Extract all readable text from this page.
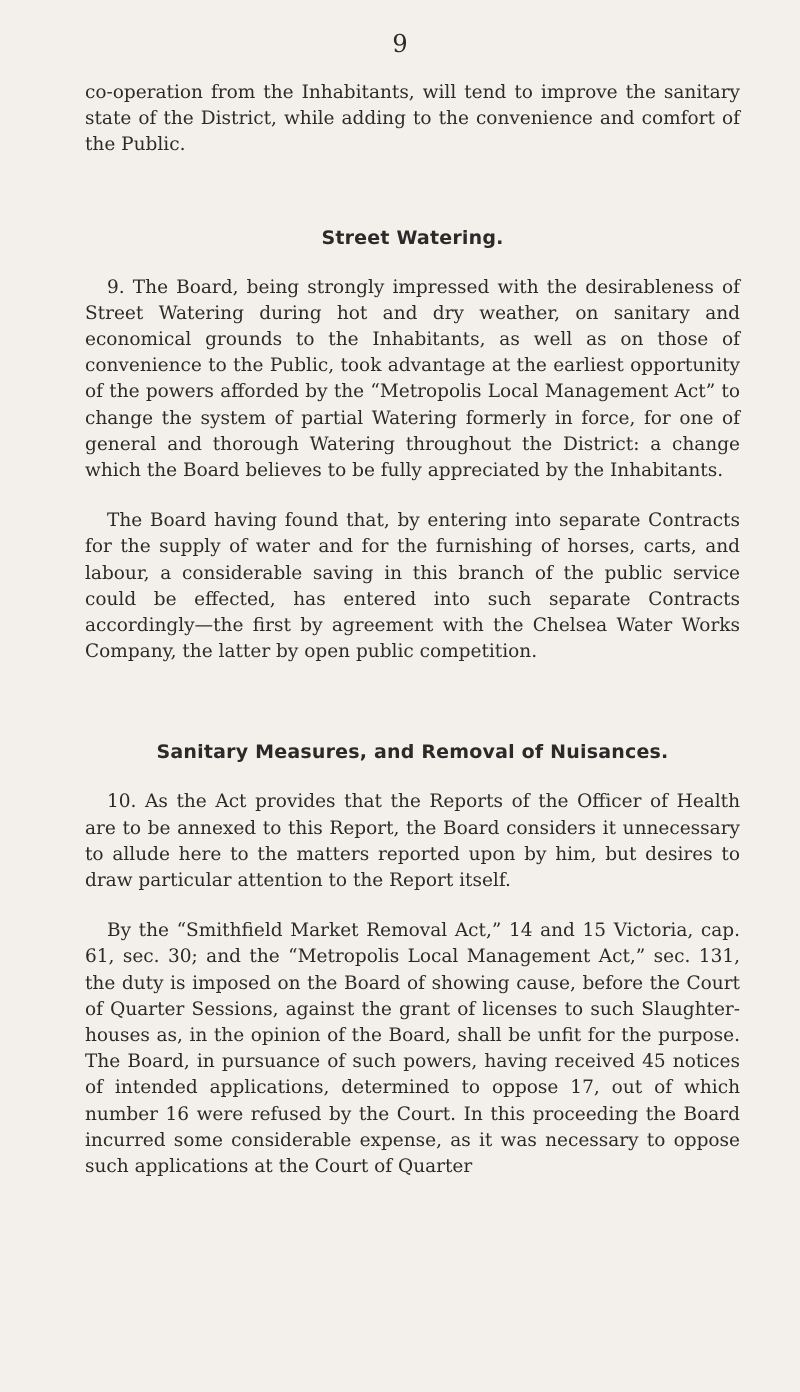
9

co-operation from the Inhabitants, will tend to improve the sanitary state of the District, while adding to the convenience and comfort of the Public.

Street Watering.

9. The Board, being strongly impressed with the desirableness of Street Watering during hot and dry weather, on sanitary and economical grounds to the Inhabitants, as well as on those of convenience to the Public, took advantage at the earliest opportunity of the powers afforded by the “Metropolis Local Management Act” to change the system of partial Watering formerly in force, for one of general and thorough Watering throughout the District: a change which the Board believes to be fully appreciated by the Inhabitants.

The Board having found that, by entering into separate Contracts for the supply of water and for the furnishing of horses, carts, and labour, a considerable saving in this branch of the public service could be effected, has entered into such separate Contracts accordingly—the first by agreement with the Chelsea Water Works Company, the latter by open public competition.

Sanitary Measures, and Removal of Nuisances.

10. As the Act provides that the Reports of the Officer of Health are to be annexed to this Report, the Board considers it unnecessary to allude here to the matters reported upon by him, but desires to draw particular attention to the Report itself.

By the “Smithfield Market Removal Act,” 14 and 15 Victoria, cap. 61, sec. 30; and the “Metropolis Local Management Act,” sec. 131, the duty is imposed on the Board of showing cause, before the Court of Quarter Sessions, against the grant of licenses to such Slaughter-houses as, in the opinion of the Board, shall be unfit for the purpose. The Board, in pursuance of such powers, having received 45 notices of intended applications, determined to oppose 17, out of which number 16 were refused by the Court. In this proceeding the Board incurred some considerable expense, as it was necessary to oppose such applications at the Court of Quarter
